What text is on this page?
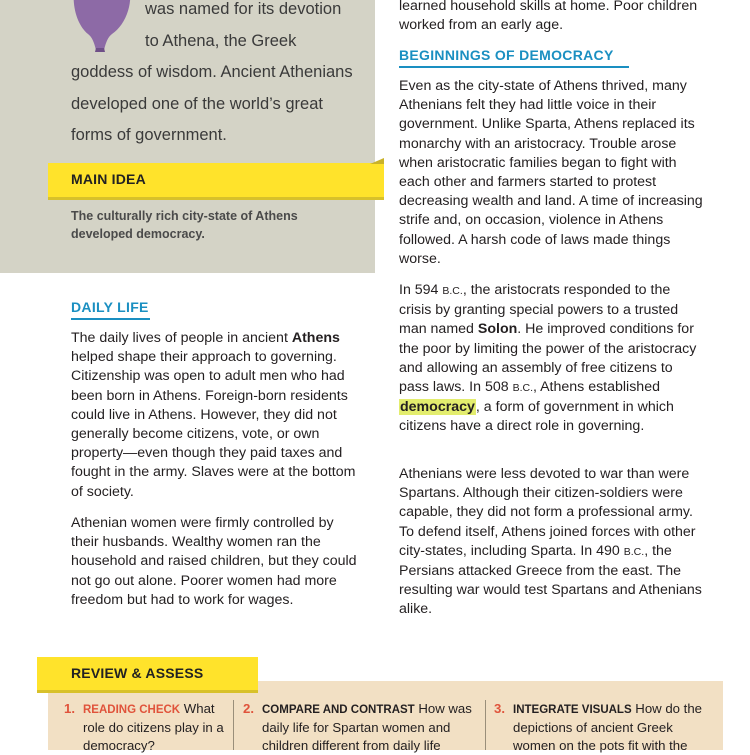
was named for its devotion
to Athena, the Greek
goddess of wisdom. Ancient Athenians developed one of the world’s great forms of government.

MAIN IDEA

The culturally rich city-state of Athens developed democracy.

DAILY LIFE

The daily lives of people in ancient Athens helped shape their approach to governing. Citizenship was open to adult men who had been born in Athens. Foreign-born residents could live in Athens. However, they did not generally become citizens, vote, or own property—even though they paid taxes and fought in the army. Slaves were at the bottom of society.

Athenian women were firmly controlled by their husbands. Wealthy women ran the household and raised children, but they could not go out alone. Poorer women had more freedom but had to work for wages.

learned household skills at home. Poor children worked from an early age.

BEGINNINGS OF DEMOCRACY

Even as the city-state of Athens thrived, many Athenians felt they had little voice in their government. Unlike Sparta, Athens replaced its monarchy with an aristocracy. Trouble arose when aristocratic families began to fight with each other and farmers started to protest decreasing wealth and land. A time of increasing strife and, on occasion, violence in Athens followed. A harsh code of laws made things worse.

In 594 B.C., the aristocrats responded to the crisis by granting special powers to a trusted man named Solon. He improved conditions for the poor by limiting the power of the aristocracy and allowing an assembly of free citizens to pass laws. In 508 B.C., Athens established democracy, a form of government in which citizens have a direct role in governing.

Athenians were less devoted to war than were Spartans. Although their citizen-soldiers were capable, they did not form a professional army. To defend itself, Athens joined forces with other city-states, including Sparta. In 490 B.C., the Persians attacked Greece from the east. The resulting war would test Spartans and Athenians alike.

REVIEW & ASSESS
1. READING CHECK What role do citizens play in a democracy?
2. COMPARE AND CONTRAST How was daily life for Spartan women and children different from daily life
3. INTEGRATE VISUALS How do the depictions of ancient Greek women on the pots fit with the
